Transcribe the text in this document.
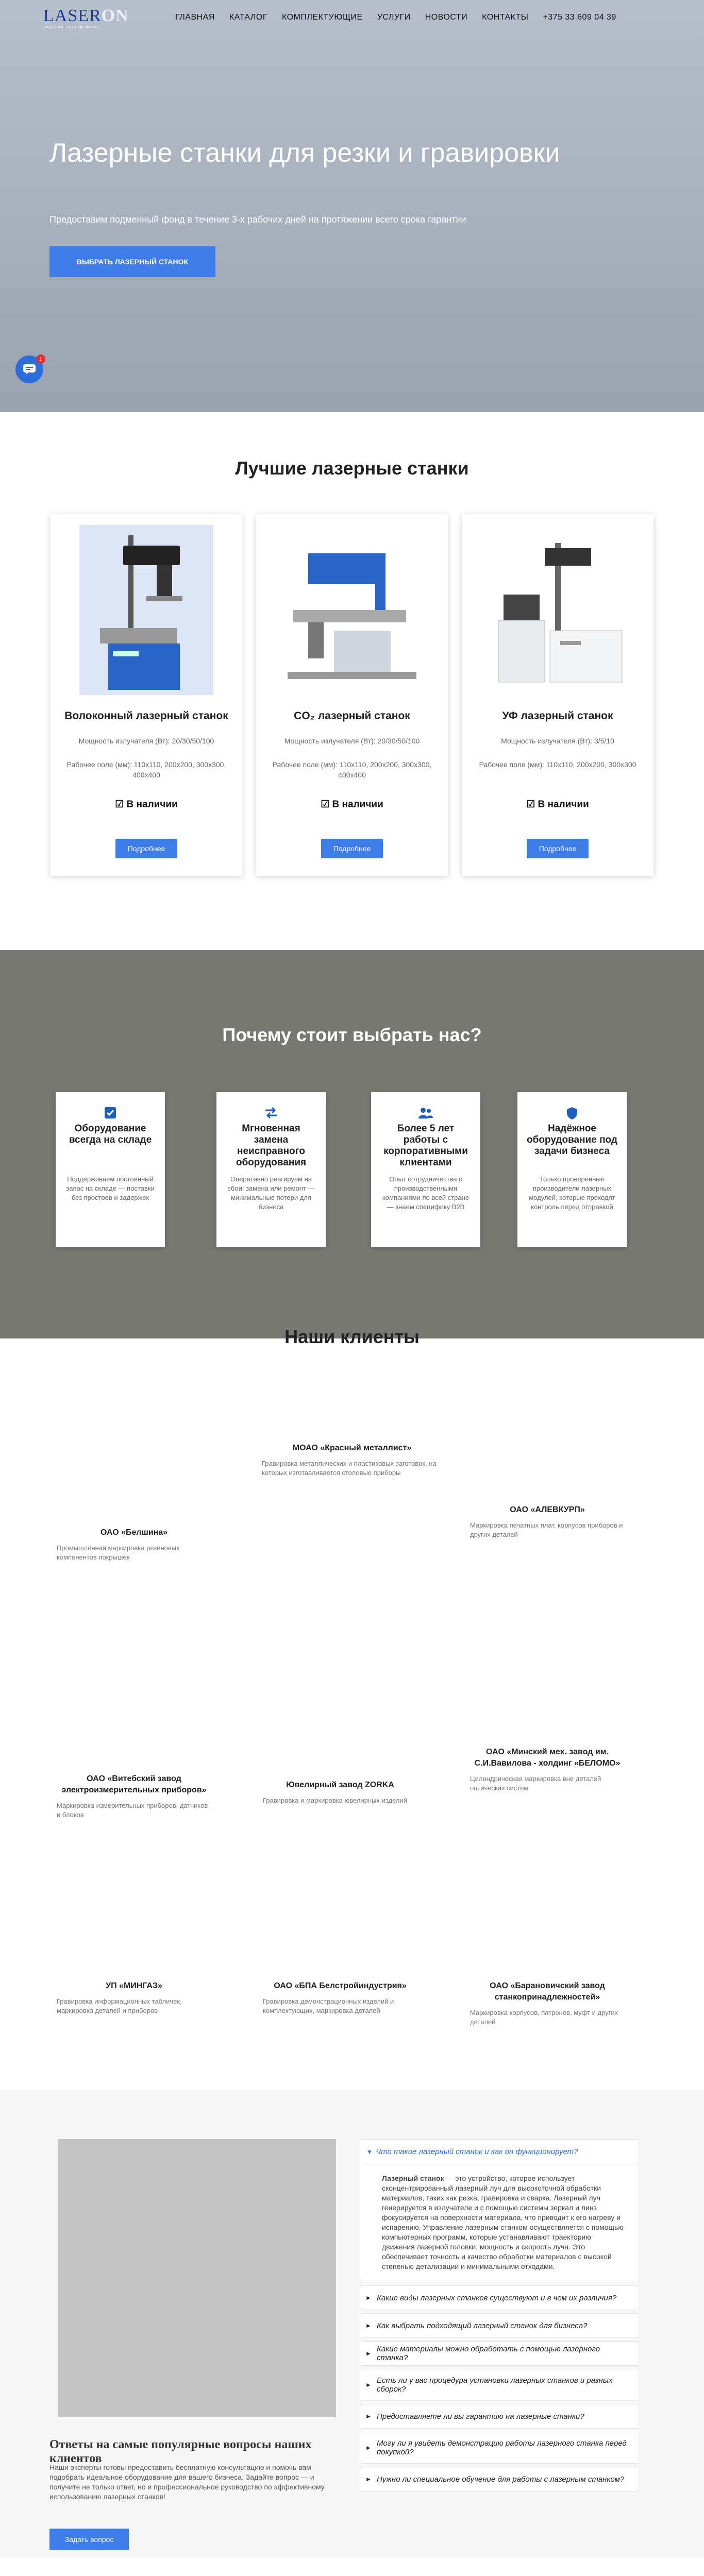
LASERON
ЛАЗЕРНОЕ ОБОРУДОВАНИЕ
ГЛАВНАЯ КАТАЛОГ КОМПЛЕКТУЮЩИЕ УСЛУГИ НОВОСТИ КОНТАКТЫ +375 33 609 04 39
Лазерные станки для резки и гравировки

Предоставим подменный фонд в течение 3-х рабочих дней на протяжении всего срока гарантии

ВЫБРАТЬ ЛАЗЕРНЫЙ СТАНОК
1
Лучшие лазерные станки
Волоконный лазерный станок
Мощность излучателя (Вт): 20/30/50/100
Рабочее поле (мм): 110х110, 200х200, 300х300, 400х400
☑ В наличии
Подробнее
CO₂ лазерный станок
Мощность излучателя (Вт): 20/30/50/100
Рабочее поле (мм): 110х110, 200х200, 300х300, 400х400
☑ В наличии
Подробнее
УФ лазерный станок
Мощность излучателя (Вт): 3/5/10
Рабочее поле (мм): 110х110, 200х200, 300х300
☑ В наличии
Подробнее
Почему стоит выбрать нас?
Оборудование всегда на складе
Поддерживаем постоянный запас на складе — поставки без простоев и задержек
Мгновенная замена неисправного оборудования
Оперативно реагируем на сбои: замена или ремонт — минимальные потери для бизнеса
Более 5 лет работы с корпоративными клиентами
Опыт сотрудничества с производственными компаниями по всей стране — знаем специфику B2B
Надёжное оборудование под задачи бизнеса
Только проверенные производители лазерных модулей, которые проходят контроль перед отправкой
Наши клиенты
МОАО «Красный металлист»
Гравировка металлических и пластиковых заготовок, на которых изготавливается столовые приборы
ОАО «Белшина»
Промышленная маркировка резиновых компонентов покрышек
ОАО «АЛЕВКУРП»
Маркировка печатных плат, корпусов приборов и других деталей
ОАО «Минский мех. завод им. С.И.Вавилова - холдинг «БЕЛОМО»
Цилиндрическая маркировка вне деталей оптических систем
ОАО «Витебский завод электроизмерительных приборов»
Маркировка измерительных приборов, датчиков и блоков
Ювелирный завод ZORKA
Гравировка и маркировка ювелирных изделий
УП «МИНГАЗ»
Гравировка информационных табличек, маркировка деталей и приборов
ОАО «БПА Белстройиндустрия»
Гравировка демонстрационных изделий и комплектующих, маркировка деталей
ОАО «Барановичский завод станкопринадлежностей»
Маркировка корпусов, патронов, муфт и других деталей
Ответы на самые популярные вопросы наших клиентов

Наши эксперты готовы предоставить бесплатную консультацию и помочь вам подобрать идеальное оборудование для вашего бизнеса. Задайте вопрос — и получите не только ответ, но и профессиональное руководство по эффективному использованию лазерных станков!

Задать вопрос
▼ Что такое лазерный станок и как он функционирует?
Лазерный станок — это устройство, которое использует сконцентрированный лазерный луч для высокоточной обработки материалов, таких как резка, гравировка и сварка. Лазерный луч генерируется в излучателе и с помощью системы зеркал и линз фокусируется на поверхности материала, что приводит к его нагреву и испарению. Управление лазерным станком осуществляется с помощью компьютерных программ, которые устанавливают траекторию движения лазерной головки, мощность и скорость луча. Это обеспечивает точность и качество обработки материалов с высокой степенью детализации и минимальными отходами.
► Какие виды лазерных станков существуют и в чем их различия?
► Как выбрать подходящий лазерный станок для бизнеса?
► Какие материалы можно обработать с помощью лазерного станка?
► Есть ли у вас процедура установки лазерных станков и разных сборок?
► Предоставляете ли вы гарантию на лазерные станки?
► Могу ли я увидеть демонстрацию работы лазерного станка перед покупкой?
► Нужно ли специальное обучение для работы с лазерным станком?
